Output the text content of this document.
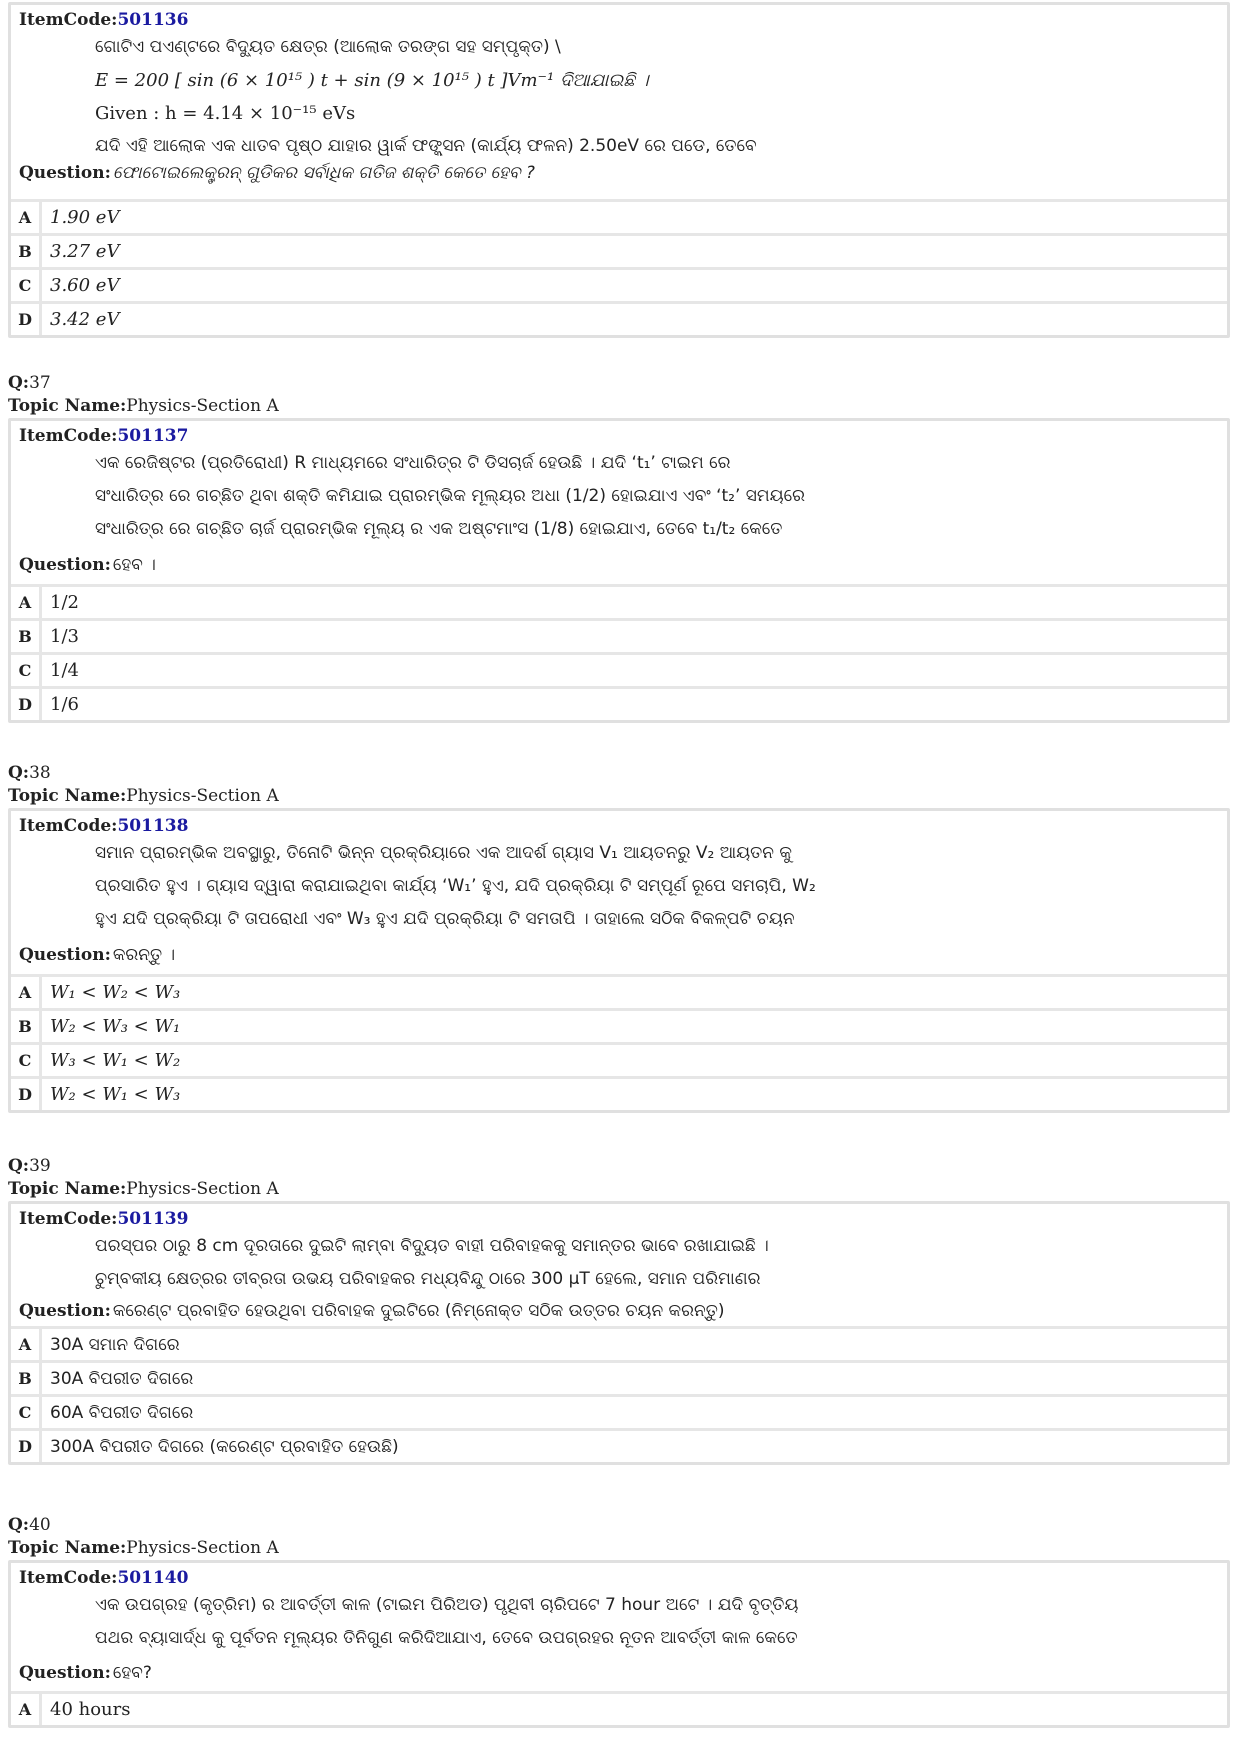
ItemCode:501136
ଗୋଟିଏ ପଏଣ୍ଟରେ ବିଦ୍ୟୁତ କ୍ଷେତ୍ର (ଆଲୋକ ତରଙ୍ଗ ସହ ସମ୍ପୃକ୍ତ) \
E = 200 [ sin (6 × 10¹⁵ ) t + sin (9 × 10¹⁵ ) t ]Vm⁻¹ ଦିଆଯାଇଛି ।
Given : h = 4.14 × 10⁻¹⁵ eVs
ଯଦି ଏହି ଆଲୋକ ଏକ ଧାତବ ପୃଷ୍ଠ ଯାହାର ୱାର୍କ ଫଙ୍କ୍ସନ (କାର୍ଯ୍ୟ ଫଳନ) 2.50eV ରେ ପଡେ, ତେବେ
Question: ଫୋଟୋଇଲେକ୍ଟ୍ରନ୍ ଗୁଡିକର ସର୍ବାଧିକ ଗତିଜ ଶକ୍ତି କେତେ ହେବ ?
A	1.90 eV
B	3.27 eV
C	3.60 eV
D	3.42 eV
Q:37
Topic Name:Physics-Section A
ItemCode:501137
ଏକ ରେଜିଷ୍ଟର (ପ୍ରତିରୋଧୀ) R ମାଧ୍ୟମରେ ସଂଧାରିତ୍ର ଟି ଡିସଚାର୍ଜ ହେଉଛି । ଯଦି ‘t₁’ ଟାଇମ ରେ
ସଂଧାରିତ୍ର ରେ ଗଚ୍ଛିତ ଥିବା ଶକ୍ତି କମିଯାଇ ପ୍ରାରମ୍ଭିକ ମୂଲ୍ୟର ଅଧା (1/2) ହୋଇଯାଏ ଏବଂ ‘t₂’ ସମୟରେ
ସଂଧାରିତ୍ର ରେ ଗଚ୍ଛିତ ଚାର୍ଜ ପ୍ରାରମ୍ଭିକ ମୂଲ୍ୟ ର ଏକ ଅଷ୍ଟମାଂସ (1/8) ହୋଇଯାଏ, ତେବେ t₁/t₂ କେତେ
Question: ହେବ ।
A	1/2
B	1/3
C	1/4
D	1/6
Q:38
Topic Name:Physics-Section A
ItemCode:501138
ସମାନ ପ୍ରାରମ୍ଭିକ ଅବସ୍ଥାରୁ, ତିନୋଟି ଭିନ୍ନ ପ୍ରକ୍ରିୟାରେ ଏକ ଆଦର୍ଶ ଗ୍ୟାସ V₁ ଆୟତନରୁ V₂ ଆୟତନ କୁ
ପ୍ରସାରିତ ହୁଏ । ଗ୍ୟାସ ଦ୍ୱାରା କରାଯାଇଥିବା କାର୍ଯ୍ୟ ‘W₁’ ହୁଏ, ଯଦି ପ୍ରକ୍ରିୟା ଟି ସମ୍ପୂର୍ଣ ରୂପେ ସମଚାପି, W₂
ହୁଏ ଯଦି ପ୍ରକ୍ରିୟା ଟି ତାପରୋଧୀ ଏବଂ W₃ ହୁଏ ଯଦି ପ୍ରକ୍ରିୟା ଟି ସମତାପି । ତାହାଲେ ସଠିକ ବିକଳ୍ପଟି ଚୟନ
Question: କରନ୍ତୁ ।
A	W₁ < W₂ < W₃
B	W₂ < W₃ < W₁
C	W₃ < W₁ < W₂
D	W₂ < W₁ < W₃
Q:39
Topic Name:Physics-Section A
ItemCode:501139
ପରସ୍ପର ଠାରୁ 8 cm ଦୂରତାରେ ଦୁଇଟି ଲାମ୍ବା ବିଦ୍ୟୁତ ବାହୀ ପରିବାହକକୁ ସମାନ୍ତର ଭାବେ ରଖାଯାଇଛି ।
ଚୁମ୍ବକୀୟ କ୍ଷେତ୍ରର ତୀବ୍ରତା ଉଭୟ ପରିବାହକର ମଧ୍ୟବିନ୍ଦୁ ଠାରେ 300 μT ହେଲେ, ସମାନ ପରିମାଣର
Question: କରେଣ୍ଟ ପ୍ରବାହିତ ହେଉଥିବା ପରିବାହକ ଦୁଇଟିରେ (ନିମ୍ନୋକ୍ତ ସଠିକ ଉତ୍ତର ଚୟନ କରନ୍ତୁ)
A	30A ସମାନ ଦିଗରେ
B	30A ବିପରୀତ ଦିଗରେ
C	60A ବିପରୀତ ଦିଗରେ
D	300A ବିପରୀତ ଦିଗରେ (କରେଣ୍ଟ ପ୍ରବାହିତ ହେଉଛି)
Q:40
Topic Name:Physics-Section A
ItemCode:501140
ଏକ ଉପଗ୍ରହ (କୃତ୍ରିମ) ର ଆବର୍ତ୍ତୀ କାଳ (ଟାଇମ ପିରିଅଡ) ପୃଥିବୀ ଚାରିପଟେ 7 hour ଅଟେ । ଯଦି ବୃତ୍ତିୟ
ପଥର ବ୍ୟାସାର୍ଦ୍ଧ କୁ ପୂର୍ବତନ ମୂଲ୍ୟର ତିନିଗୁଣ କରିଦିଆଯାଏ, ତେବେ ଉପଗ୍ରହର ନୂତନ ଆବର୍ତ୍ତୀ କାଳ କେତେ
Question: ହେବ?
A	40 hours
